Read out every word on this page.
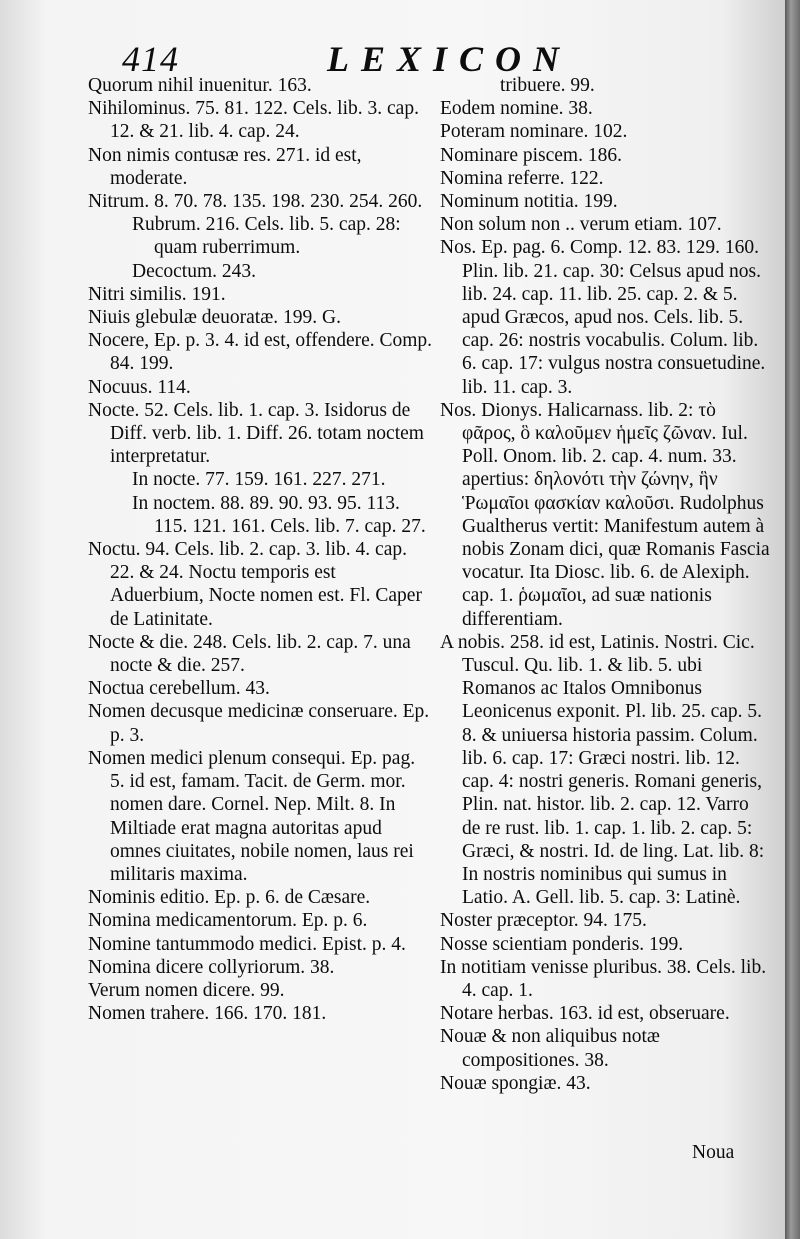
414	LEXICON

Quorum nihil inuenitur. 163.

Nihilominus. 75. 81. 122. Cels. lib. 3. cap. 12. & 21. lib. 4. cap. 24.

Non nimis contusæ res. 271. id est, moderate.

Nitrum. 8. 70. 78. 135. 198. 230. 254. 260.

Rubrum. 216. Cels. lib. 5. cap. 28: quam ruberrimum.

Decoctum. 243.

Nitri similis. 191.

Niuis glebulæ deuoratæ. 199. G.

Nocere, Ep. p. 3. 4. id est, offendere. Comp. 84. 199.

Nocuus. 114.

Nocte. 52. Cels. lib. 1. cap. 3. Isidorus de Diff. verb. lib. 1. Diff. 26. totam noctem interpretatur.

In nocte. 77. 159. 161. 227. 271.

In noctem. 88. 89. 90. 93. 95. 113. 115. 121. 161. Cels. lib. 7. cap. 27.

Noctu. 94. Cels. lib. 2. cap. 3. lib. 4. cap. 22. & 24. Noctu temporis est Aduerbium, Nocte nomen est. Fl. Caper de Latinitate.

Nocte & die. 248. Cels. lib. 2. cap. 7. una nocte & die. 257.

Noctua cerebellum. 43.

Nomen decusque medicinæ conseruare. Ep. p. 3.

Nomen medici plenum consequi. Ep. pag. 5. id est, famam. Tacit. de Germ. mor. nomen dare. Cornel. Nep. Milt. 8. In Miltiade erat magna autoritas apud omnes ciuitates, nobile nomen, laus rei militaris maxima.

Nominis editio. Ep. p. 6. de Cæsare.

Nomina medicamentorum. Ep. p. 6.

Nomine tantummodo medici. Epist. p. 4.

Nomina dicere collyriorum. 38.

Verum nomen dicere. 99.

Nomen trahere. 166. 170. 181.

tribuere. 99.

Eodem nomine. 38.

Poteram nominare. 102.

Nominare piscem. 186.

Nomina referre. 122.

Nominum notitia. 199.

Non solum non .. verum etiam. 107.

Nos. Ep. pag. 6. Comp. 12. 83. 129. 160. Plin. lib. 21. cap. 30: Celsus apud nos. lib. 24. cap. 11. lib. 25. cap. 2. & 5. apud Græcos, apud nos. Cels. lib. 5. cap. 26: nostris vocabulis. Colum. lib. 6. cap. 17: vulgus nostra consuetudine. lib. 11. cap. 3.

Nos. Dionys. Halicarnass. lib. 2: τὸ φᾶρος, ὃ καλοῦμεν ἡμεῖς ζῶναν. Iul. Poll. Onom. lib. 2. cap. 4. num. 33. apertius: δηλονότι τὴν ζώνην, ἣν Ῥωμαῖοι φασκίαν καλοῦσι. Rudolphus Gualtherus vertit: Manifestum autem à nobis Zonam dici, quæ Romanis Fascia vocatur. Ita Diosc. lib. 6. de Alexiph. cap. 1. ῥωμαῖοι, ad suæ nationis differentiam.

A nobis. 258. id est, Latinis. Nostri. Cic. Tuscul. Qu. lib. 1. & lib. 5. ubi Romanos ac Italos Omnibonus Leonicenus exponit. Pl. lib. 25. cap. 5. 8. & uniuersa historia passim. Colum. lib. 6. cap. 17: Græci nostri. lib. 12. cap. 4: nostri generis. Romani generis, Plin. nat. histor. lib. 2. cap. 12. Varro de re rust. lib. 1. cap. 1. lib. 2. cap. 5: Græci, & nostri. Id. de ling. Lat. lib. 8: In nostris nominibus qui sumus in Latio. A. Gell. lib. 5. cap. 3: Latinè.

Noster præceptor. 94. 175.

Nosse scientiam ponderis. 199.

In notitiam venisse pluribus. 38. Cels. lib. 4. cap. 1.

Notare herbas. 163. id est, obseruare.

Nouæ & non aliquibus notæ compositiones. 38.

Nouæ spongiæ. 43.

Noua
